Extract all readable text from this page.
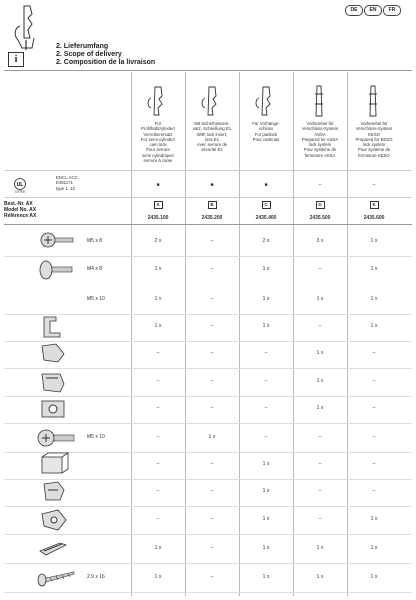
DE	EN	FR
i
2. Lieferumfang
2. Scope of delivery
2. Composition de la livraison
Für
Profilhalbzylinder/
Vorreiberersatz
For semi-cylinder/
cam lock
Pour serrure
semi cylindrique/
serrure à came
Mit Sicherheitsein-
satz, Schließung E1
With lock insert,
lock E1
Avec serrure de
sécurité E1
Für Vorhänge-
schloss
For padlock
Pour cadenas
Vorbereitet für
Verschluss-System
ASSA
Prepared for ASSA
lock system
Pour système de
fermeture ASSA
Vorbereitet für
Verschluss-System
KESO
Prepared for KESO
lock system
Pour système de
fermeture KESO
UL
LISTED
ENCL.ACC.
E491171
type 1, 12
■	■	■	–	–
Best.-Nr. AX
Model No. AX
Référence AX
A	B	C	D	E
2435.100	2435.200	2435.400	2435.500	2435.600
M5 x 8	2 x	–	2 x	3 x	1 x
M4 x 8	1 x	–	1 x	–	1 x
M5 x 10	1 x	–	1 x	1 x	1 x
1 x	–	1 x	–	1 x
–	–	–	1 x	–
–	–	–	1 x	–
–	–	–	1 x	–
M5 x 10	–	1 x	–	–	–
–	–	1 x	–	–
–	–	1 x	–	–
–	–	1 x	–	1 x
1 x	–	1 x	1 x	1 x
2.9 x 16	1 x	–	1 x	1 x	1 x
